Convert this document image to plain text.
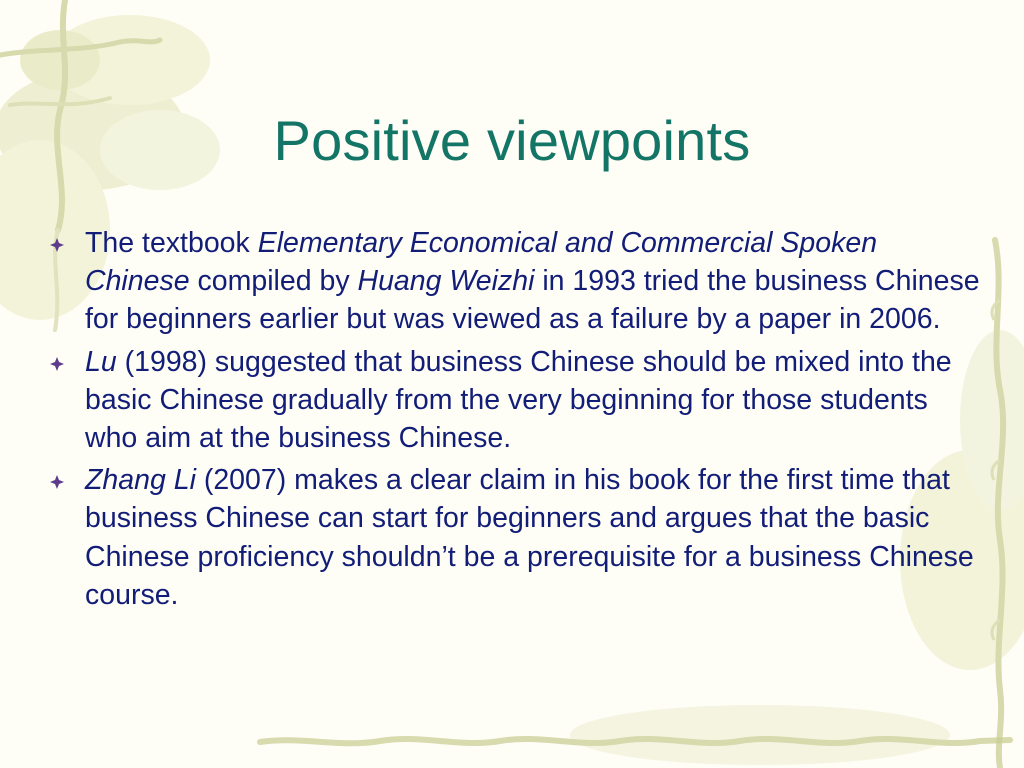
Positive viewpoints
The textbook Elementary Economical and Commercial Spoken Chinese compiled by Huang Weizhi in 1993 tried the business Chinese for beginners earlier but was viewed as a failure by a paper in 2006.
Lu (1998) suggested that business Chinese should be mixed into the basic Chinese gradually from the very beginning for those students who aim at the business Chinese.
Zhang Li (2007) makes a clear claim in his book for the first time that business Chinese can start for beginners and argues that the basic Chinese proficiency shouldn’t be a prerequisite for a business Chinese course.
